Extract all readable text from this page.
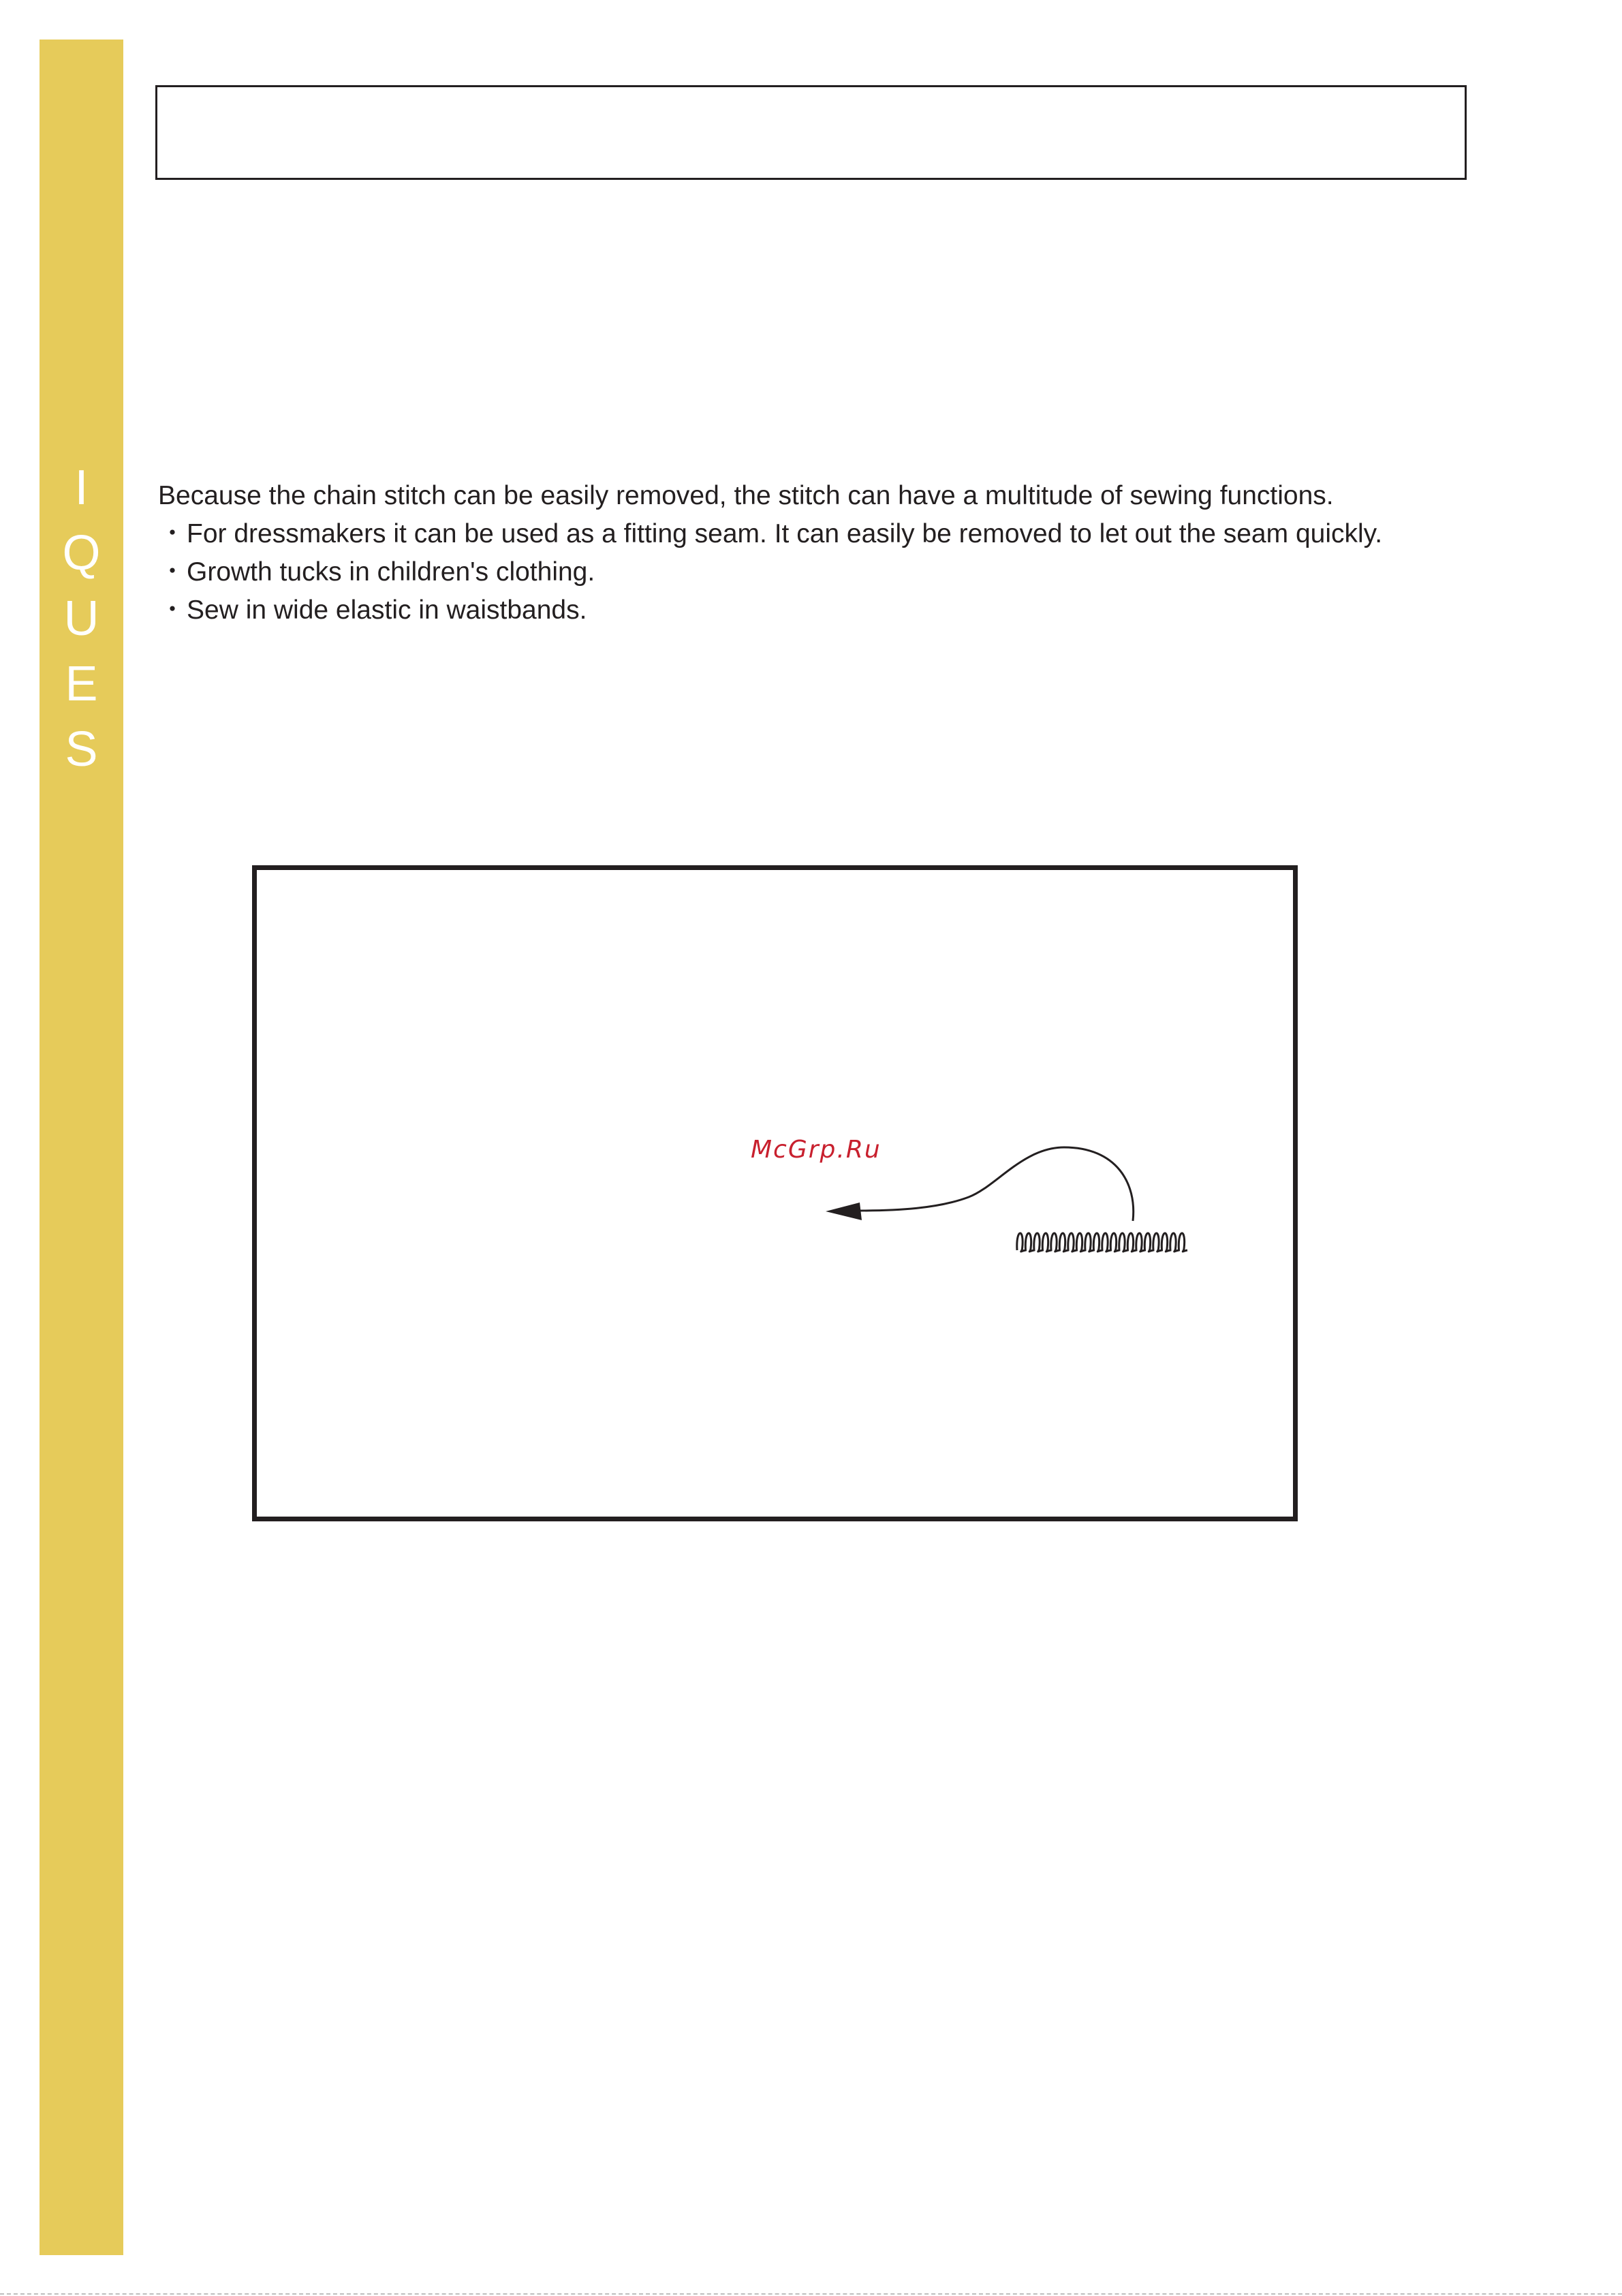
I
Q
U
E
S
Because the chain stitch can be easily removed, the stitch can have a multitude of sewing functions.
・For dressmakers it can be used as a fitting seam. It can easily be removed to let out the seam quickly.
・Growth tucks in children's clothing.
・Sew in wide elastic in waistbands.
McGrp.Ru
